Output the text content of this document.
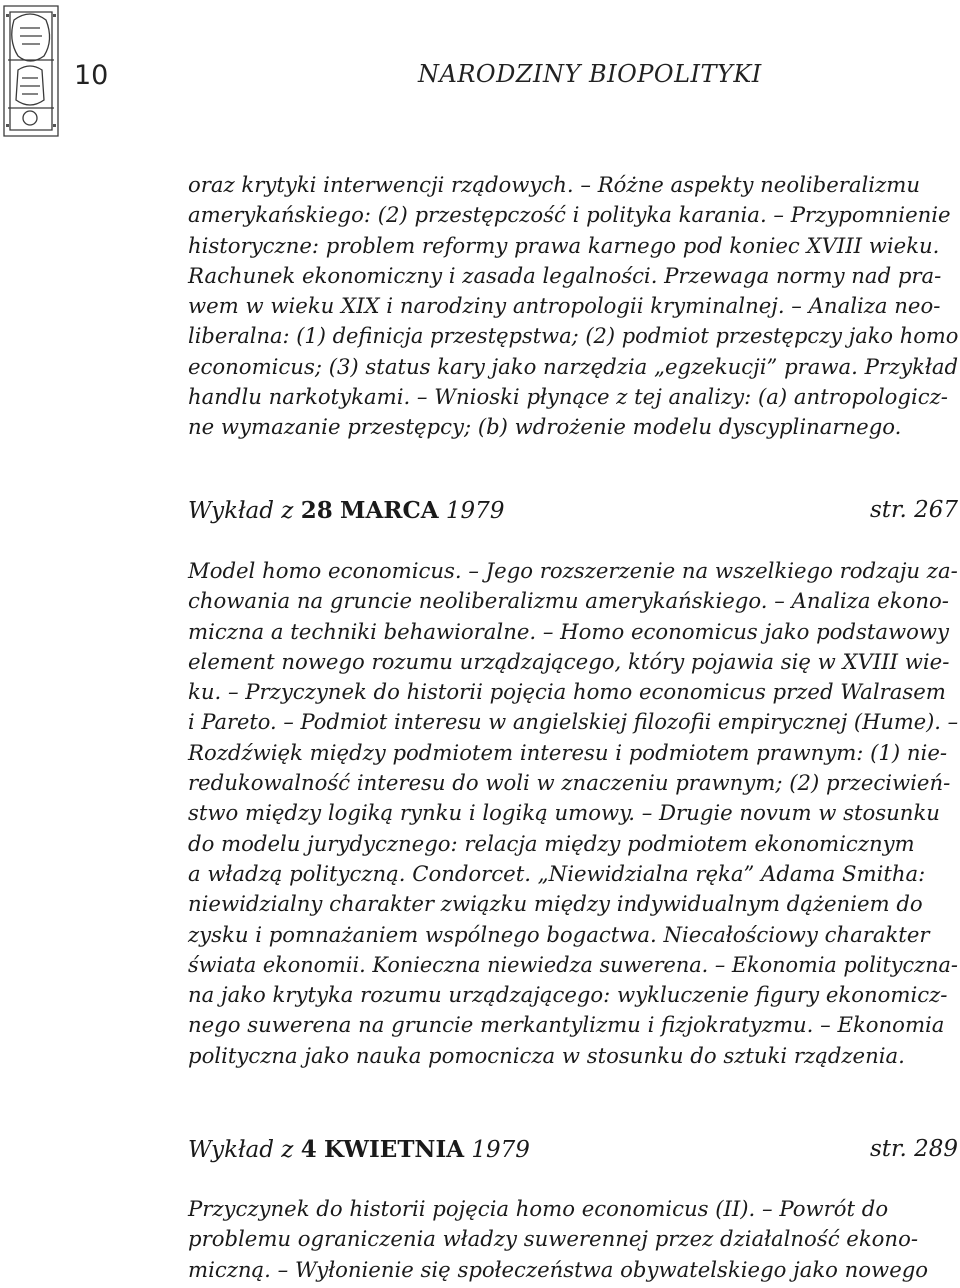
10	NARODZINY BIOPOLITYKI
oraz krytyki interwencji rządowych. – Różne aspekty neoliberalizmu
amerykańskiego: (2) przestępczość i polityka karania. – Przypomnienie
historyczne: problem reformy prawa karnego pod koniec XVIII wieku.
Rachunek ekonomiczny i zasada legalności. Przewaga normy nad pra-
wem w wieku XIX i narodziny antropologii kryminalnej. – Analiza neo-
liberalna: (1) definicja przestępstwa; (2) podmiot przestępczy jako homo
economicus; (3) status kary jako narzędzia „egzekucji” prawa. Przykład
handlu narkotykami. – Wnioski płynące z tej analizy: (a) antropologicz-
ne wymazanie przestępcy; (b) wdrożenie modelu dyscyplinarnego.
Wykład z 28 MARCA 1979	str. 267
Model homo economicus. – Jego rozszerzenie na wszelkiego rodzaju za-
chowania na gruncie neoliberalizmu amerykańskiego. – Analiza ekono-
miczna a techniki behawioralne. – Homo economicus jako podstawowy
element nowego rozumu urządzającego, który pojawia się w XVIII wie-
ku. – Przyczynek do historii pojęcia homo economicus przed Walrasem
i Pareto. – Podmiot interesu w angielskiej filozofii empirycznej (Hume). –
Rozdźwięk między podmiotem interesu i podmiotem prawnym: (1) nie-
redukowalność interesu do woli w znaczeniu prawnym; (2) przeciwień-
stwo między logiką rynku i logiką umowy. – Drugie novum w stosunku
do modelu jurydycznego: relacja między podmiotem ekonomicznym
a władzą polityczną. Condorcet. „Niewidzialna ręka” Adama Smitha:
niewidzialny charakter związku między indywidualnym dążeniem do
zysku i pomnażaniem wspólnego bogactwa. Niecałościowy charakter
świata ekonomii. Konieczna niewiedza suwerena. – Ekonomia polityczna-
na jako krytyka rozumu urządzającego: wykluczenie figury ekonomicz-
nego suwerena na gruncie merkantylizmu i fizjokratyzmu. – Ekonomia
polityczna jako nauka pomocnicza w stosunku do sztuki rządzenia.
Wykład z 4 KWIETNIA 1979	str. 289
Przyczynek do historii pojęcia homo economicus (II). – Powrót do
problemu ograniczenia władzy suwerennej przez działalność ekono-
miczną. – Wyłonienie się społeczeństwa obywatelskiego jako nowego
